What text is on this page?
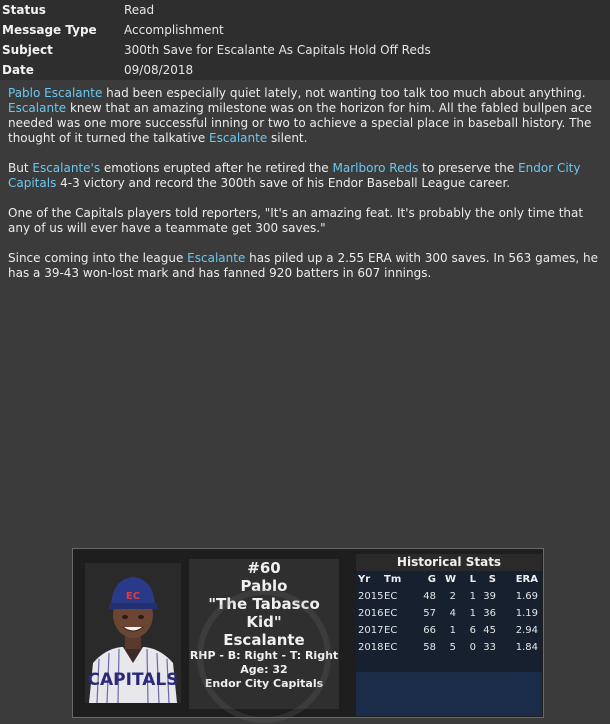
Status	Read
Message Type	Accomplishment
Subject	300th Save for Escalante As Capitals Hold Off Reds
Date	09/08/2018

Pablo Escalante had been especially quiet lately, not wanting too talk too much about anything. Escalante knew that an amazing milestone was on the horizon for him. All the fabled bullpen ace needed was one more successful inning or two to achieve a special place in baseball history. The thought of it turned the talkative Escalante silent.

But Escalante's emotions erupted after he retired the Marlboro Reds to preserve the Endor City Capitals 4-3 victory and record the 300th save of his Endor Baseball League career.

One of the Capitals players told reporters, "It's an amazing feat. It's probably the only time that any of us will ever have a teammate get 300 saves."

Since coming into the league Escalante has piled up a 2.55 ERA with 300 saves. In 563 games, he has a 39-43 won-lost mark and has fanned 920 batters in 607 innings.

CAPITALS
EC
#60
Pablo
"The Tabasco Kid"
Escalante
RHP - B: Right - T: Right
Age: 32
Endor City Capitals
Historical Stats
Yr	Tm	G	W	L	S	ERA
2015	EC	48	2	1	39	1.69
2016	EC	57	4	1	36	1.19
2017	EC	66	1	6	45	2.94
2018	EC	58	5	0	33	1.84
